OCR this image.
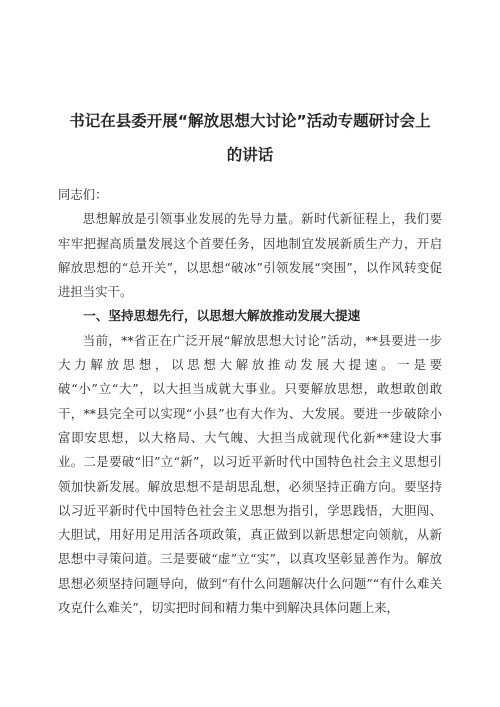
书记在县委开展“解放思想大讨论”活动专题研讨会上
的讲话

同志们：

思想解放是引领事业发展的先导力量。新时代新征程上，我们要牢牢把握高质量发展这个首要任务，因地制宜发展新质生产力，开启解放思想的“总开关”，以思想“破冰”引领发展“突围”，以作风转变促进担当实干。

一、坚持思想先行，以思想大解放推动发展大提速

当前，**省正在广泛开展“解放思想大讨论”活动，**县要进一步大力解放思想，以思想大解放推动发展大提速。一是要破“小”立“大”，以大担当成就大事业。只要解放思想，敢想敢创敢干，**县完全可以实现“小县”也有大作为、大发展。要进一步破除小富即安思想，以大格局、大气魄、大担当成就现代化新**建设大事业。二是要破“旧”立“新”，以习近平新时代中国特色社会主义思想引领加快新发展。解放思想不是胡思乱想，必须坚持正确方向。要坚持以习近平新时代中国特色社会主义思想为指引，学思践悟，大胆闯、大胆试，用好用足用活各项政策，真正做到以新思想定向领航，从新思想中寻策问道。三是要破“虚”立“实”，以真攻坚彰显善作为。解放思想必须坚持问题导向，做到“有什么问题解决什么问题”“有什么难关攻克什么难关”，切实把时间和精力集中到解决具体问题上来，
